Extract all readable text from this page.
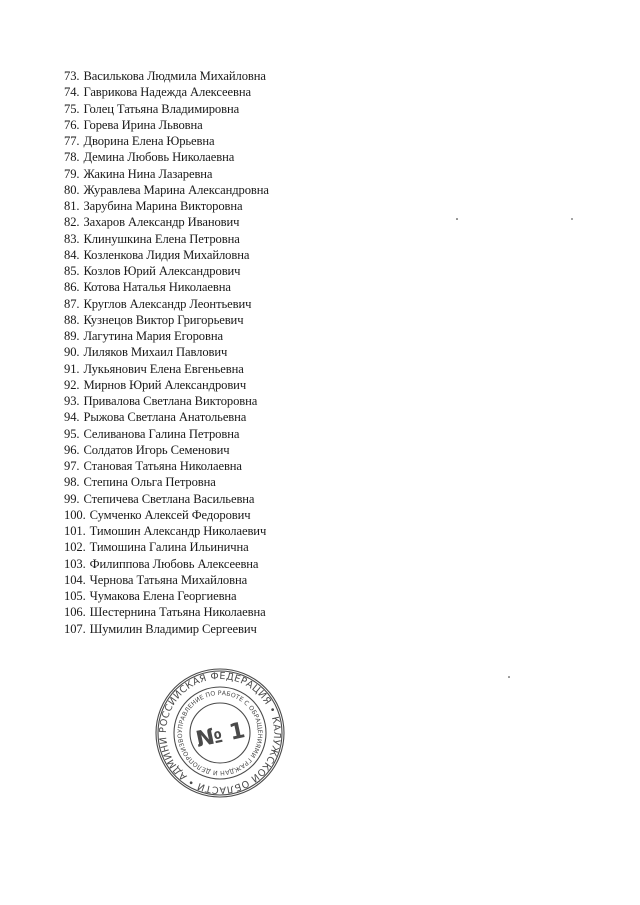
73. Василькова Людмила Михайловна
74. Гаврикова Надежда Алексеевна
75. Голец Татьяна Владимировна
76. Горева Ирина Львовна
77. Дворина Елена Юрьевна
78. Демина Любовь Николаевна
79. Жакина Нина Лазаревна
80. Журавлева Марина Александровна
81. Зарубина Марина Викторовна
82. Захаров Александр Иванович
83. Клинушкина Елена Петровна
84. Козленкова Лидия Михайловна
85. Козлов Юрий Александрович
86. Котова Наталья Николаевна
87. Круглов Александр Леонтьевич
88. Кузнецов Виктор Григорьевич
89. Лагутина Мария Егоровна
90. Лиляков Михаил Павлович
91. Лукьянович Елена Евгеньевна
92. Мирнов Юрий Александрович
93. Привалова Светлана Викторовна
94. Рыжова Светлана Анатольевна
95. Селиванова Галина Петровна
96. Солдатов Игорь Семенович
97. Становая Татьяна Николаевна
98. Степина Ольга Петровна
99. Степичева Светлана Васильевна
100. Сумченко Алексей Федорович
101. Тимошин Александр Николаевич
102. Тимошина Галина Ильинична
103. Филиппова Любовь Алексеевна
104. Чернова Татьяна Михайловна
105. Чумакова Елена Георгиевна
106. Шестернина Татьяна Николаевна
107. Шумилин Владимир Сергеевич
РОССИЙСКАЯ ФЕДЕРАЦИЯ • КАЛУЖСКОЙ ОБЛАСТИ • АДМИНИ
УПРАВЛЕНИЕ ПО РАБОТЕ С ОБРАЩЕНИЯМИ ГРАЖДАН И ДЕЛОПРОИЗВО № 1
